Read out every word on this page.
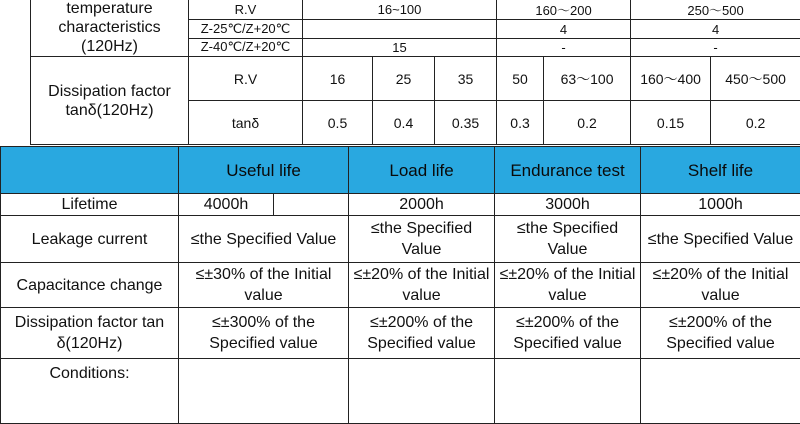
temperature
characteristics
(120Hz)	R.V	16~100			160～200		250～500	
	Z-25℃/Z+20℃				4		4	
	Z-40℃/Z+20℃	15			-		-	

Dissipation factor
tanδ(120Hz)	R.V	16	25	35	50	63～100	160～400	450～500
	tanδ	0.5	0.4	0.35	0.3	0.2	0.15	0.2
	Useful life		Load life	Endurance test	Shelf life
Lifetime	4000h		2000h	3000h	1000h
Leakage current	≤the Specified Value		≤the Specified Value	≤the Specified Value	≤the Specified Value
Capacitance change	≤±30% of the Initial value		≤±20% of the Initial value	≤±20% of the Initial value	≤±20% of the Initial value
Dissipation factor tan δ(120Hz)	≤±300% of the Specified value		≤±200% of the Specified value	≤±200% of the Specified value	≤±200% of the Specified value
Conditions:					
